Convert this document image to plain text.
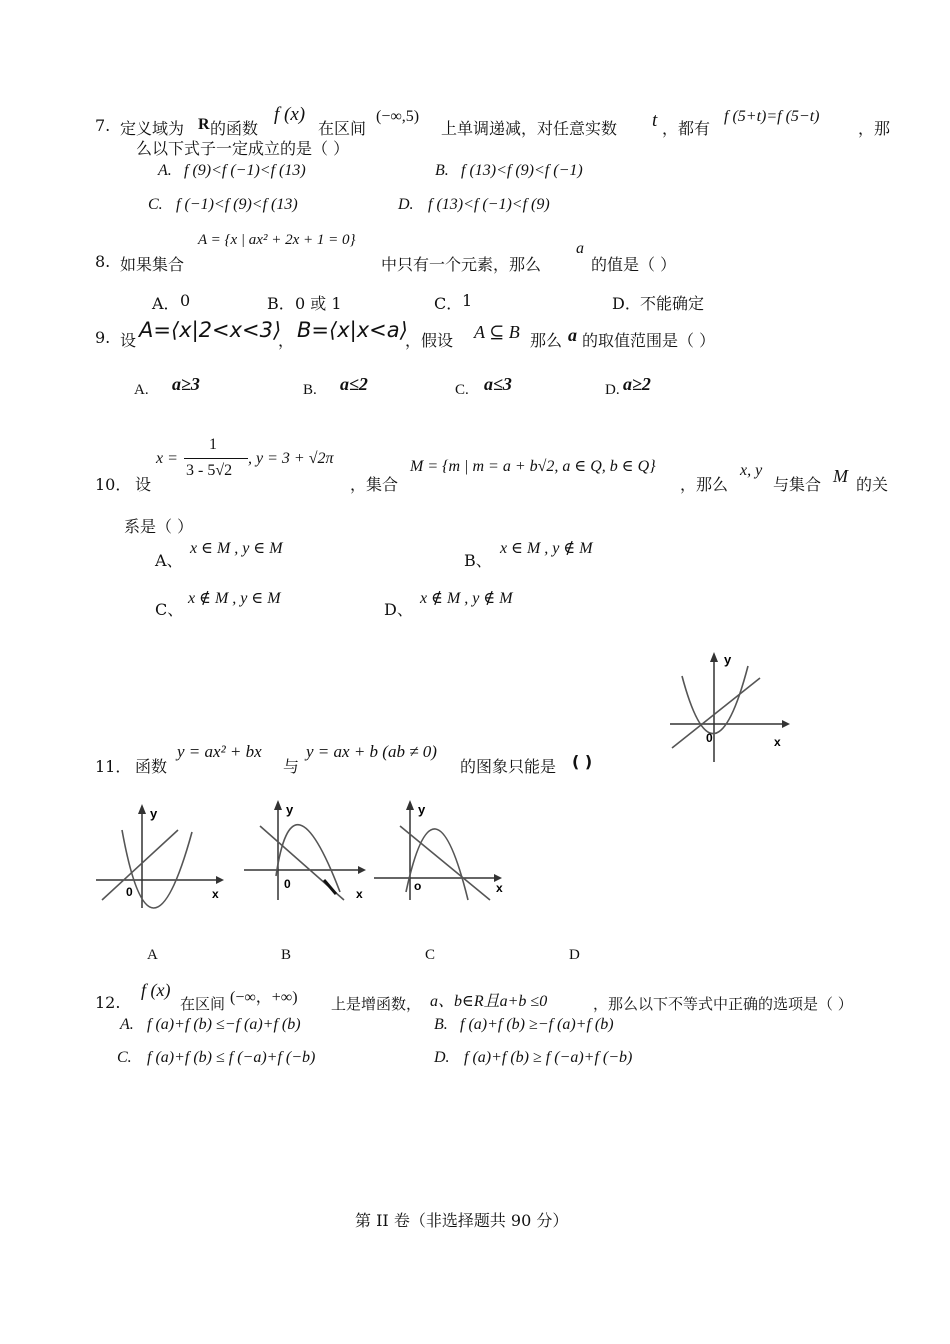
7. 定义域为 R 的函数
f (x)
在区间
(−∞,5)
上单调递减，对任意实数 t ，都有
f (5+t)=f (5−t)
，那
么以下式子一定成立的是（ ）
A. f (9)<f (−1)<f (13)	B. f (13)<f (9)<f (−1)
C. f (−1)<f (9)<f (13)	D. f (13)<f (−1)<f (9)
8. 如果集合
A = {x | ax² + 2x + 1 = 0}
中只有一个元素，那么
a
的值是（ ）
A． 0	B． 0 或 1	C． 1	D． 不能确定
9. 设 A=⟨x|2<x<3⟩
， B=⟨x|x<a⟩
，假设 A ⊆ B 那么 a 的取值范围是（ ）
A. a≥3	B. a≤2	C. a≤3	D. a≥2
10． 设
x =
1
3 - 5√2
, y = 3 + √2π
，集合
M = {m | m = a + b√2, a ∈ Q, b ∈ Q}
，那么
x, y
与集合 M 的关
系是（ ）
A、
x ∈ M , y ∈ M
B、
x ∈ M , y ∉ M
C、
x ∉ M , y ∈ M
D、
x ∉ M , y ∉ M
11． 函数
y = ax² + bx
与
y = ax + b (ab ≠ 0)
的图象只能是 ( )
y
x
0
y
x
0
y
x
0
y
x
o
A	B	C	D
12.
f (x)
在区间 (−∞，+∞) 上是增函数， a、b∈R且a+b ≤0	，那么以下不等式中正确的选项是（ ）
A. f (a)+f (b) ≤−f (a)+f (b)	B. f (a)+f (b) ≥−f (a)+f (b)
C. f (a)+f (b) ≤ f (−a)+f (−b)	D. f (a)+f (b) ≥ f (−a)+f (−b)
第 II 卷（非选择题共 90 分）
